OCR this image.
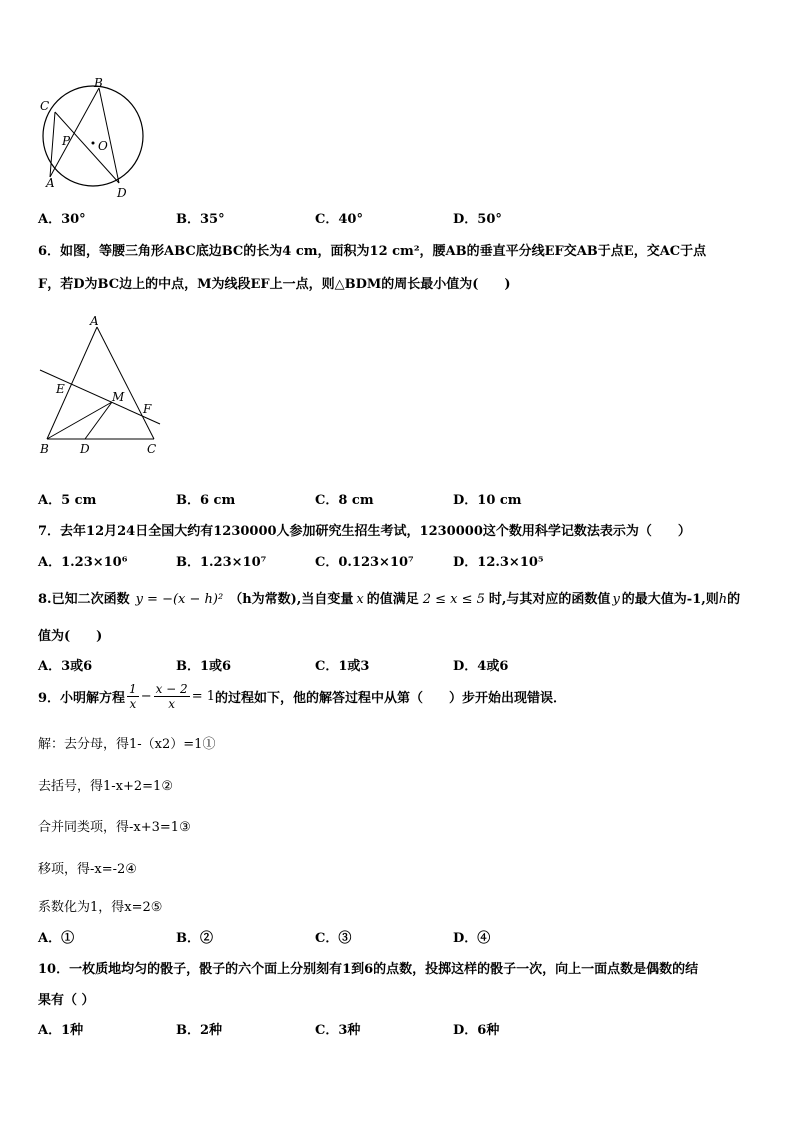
B
C
P O
A
D
A．30°	B．35°	C．40°	D．50°
6．如图，等腰三角形ABC底边BC的长为4 cm，面积为12 cm²，腰AB的垂直平分线EF交AB于点E，交AC于点
F，若D为BC边上的中点，M为线段EF上一点，则△BDM的周长最小值为(　　)
A
E
M
F
B	D	C
A．5 cm	B．6 cm	C．8 cm	D．10 cm
7．去年12月24日全国大约有1230000人参加研究生招生考试，1230000这个数用科学记数法表示为（　　）
A．1.23×10⁶	B．1.23×10⁷	C．0.123×10⁷	D．12.3×10⁵
8.已知二次函数 y = −(x − h)² （h为常数),当自变量 x 的值满足 2 ≤ x ≤ 5 时,与其对应的函数值 y 的最大值为-1,则h的
值为(　　)
A．3或6	B．1或6	C．1或3	D．4或6
9．小明解方程 $\frac{1}{x} - \frac{x - 2}{x} = 1$的过程如下，他的解答过程中从第（　　）步开始出现错误．
解：去分母，得1-（x2）=1①
去括号，得1-x+2=1②
合并同类项，得-x+3=1③
移项，得-x=-2④
系数化为1，得x=2⑤
A．①	B．②	C．③	D．④
10．一枚质地均匀的骰子，骰子的六个面上分别刻有1到6的点数，投掷这样的骰子一次，向上一面点数是偶数的结
果有（ ）
A．1种	B．2种	C．3种	D．6种
